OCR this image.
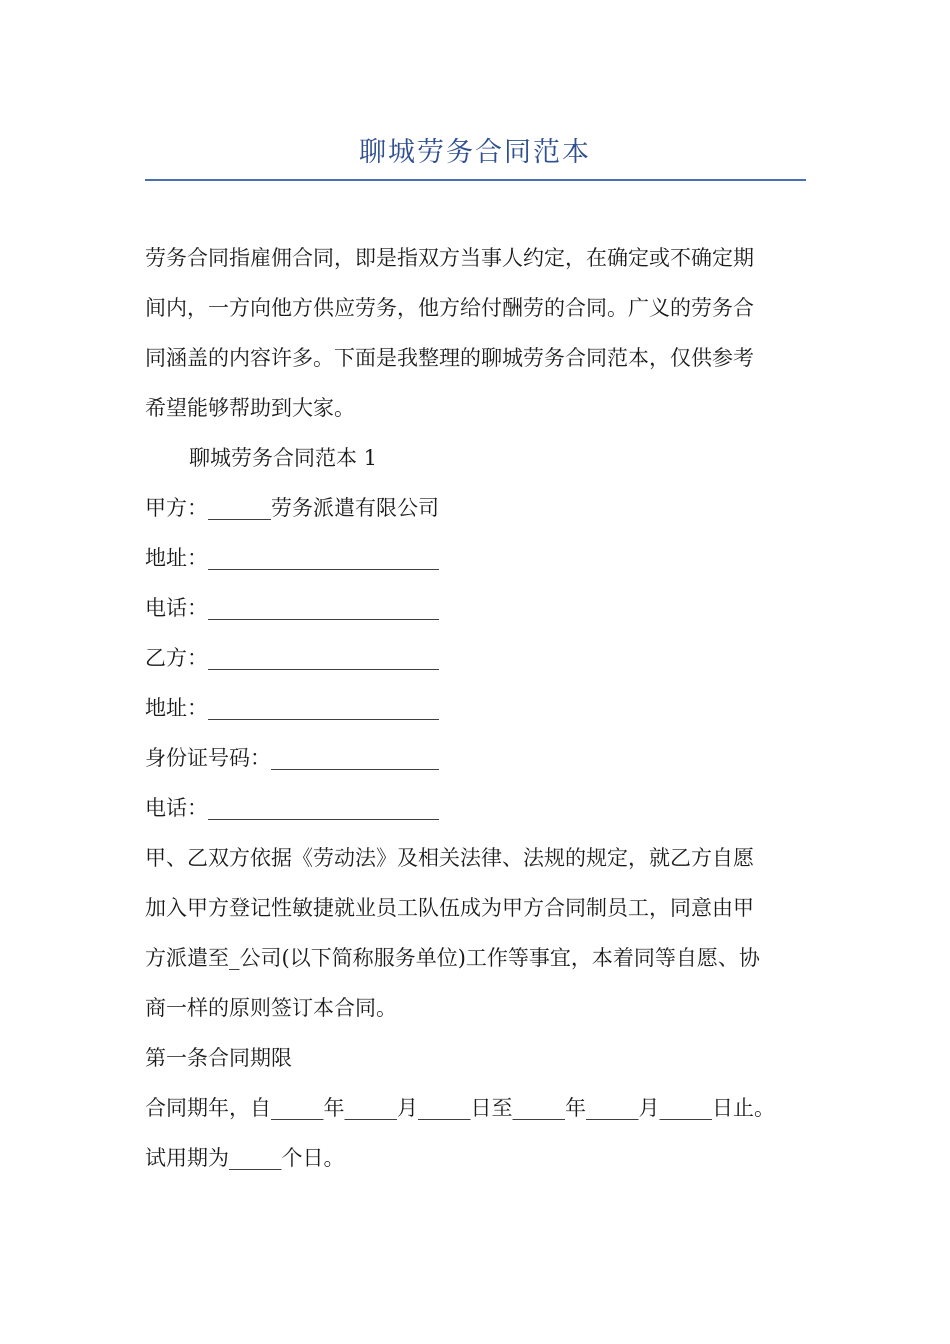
聊城劳务合同范本

劳务合同指雇佣合同，即是指双方当事人约定，在确定或不确定期

间内，一方向他方供应劳务，他方给付酬劳的合同。广义的劳务合

同涵盖的内容许多。下面是我整理的聊城劳务合同范本，仅供参考

希望能够帮助到大家。

聊城劳务合同范本 1

甲方：______劳务派遣有限公司

地址：______________________

电话：______________________

乙方：______________________

地址：______________________

身份证号码：________________

电话：______________________

甲、乙双方依据《劳动法》及相关法律、法规的规定，就乙方自愿

加入甲方登记性敏捷就业员工队伍成为甲方合同制员工，同意由甲

方派遣至_公司(以下简称服务单位)工作等事宜，本着同等自愿、协

商一样的原则签订本合同。

第一条合同期限

合同期年，自_____年_____月_____日至_____年_____月_____日止。

试用期为_____个日。
